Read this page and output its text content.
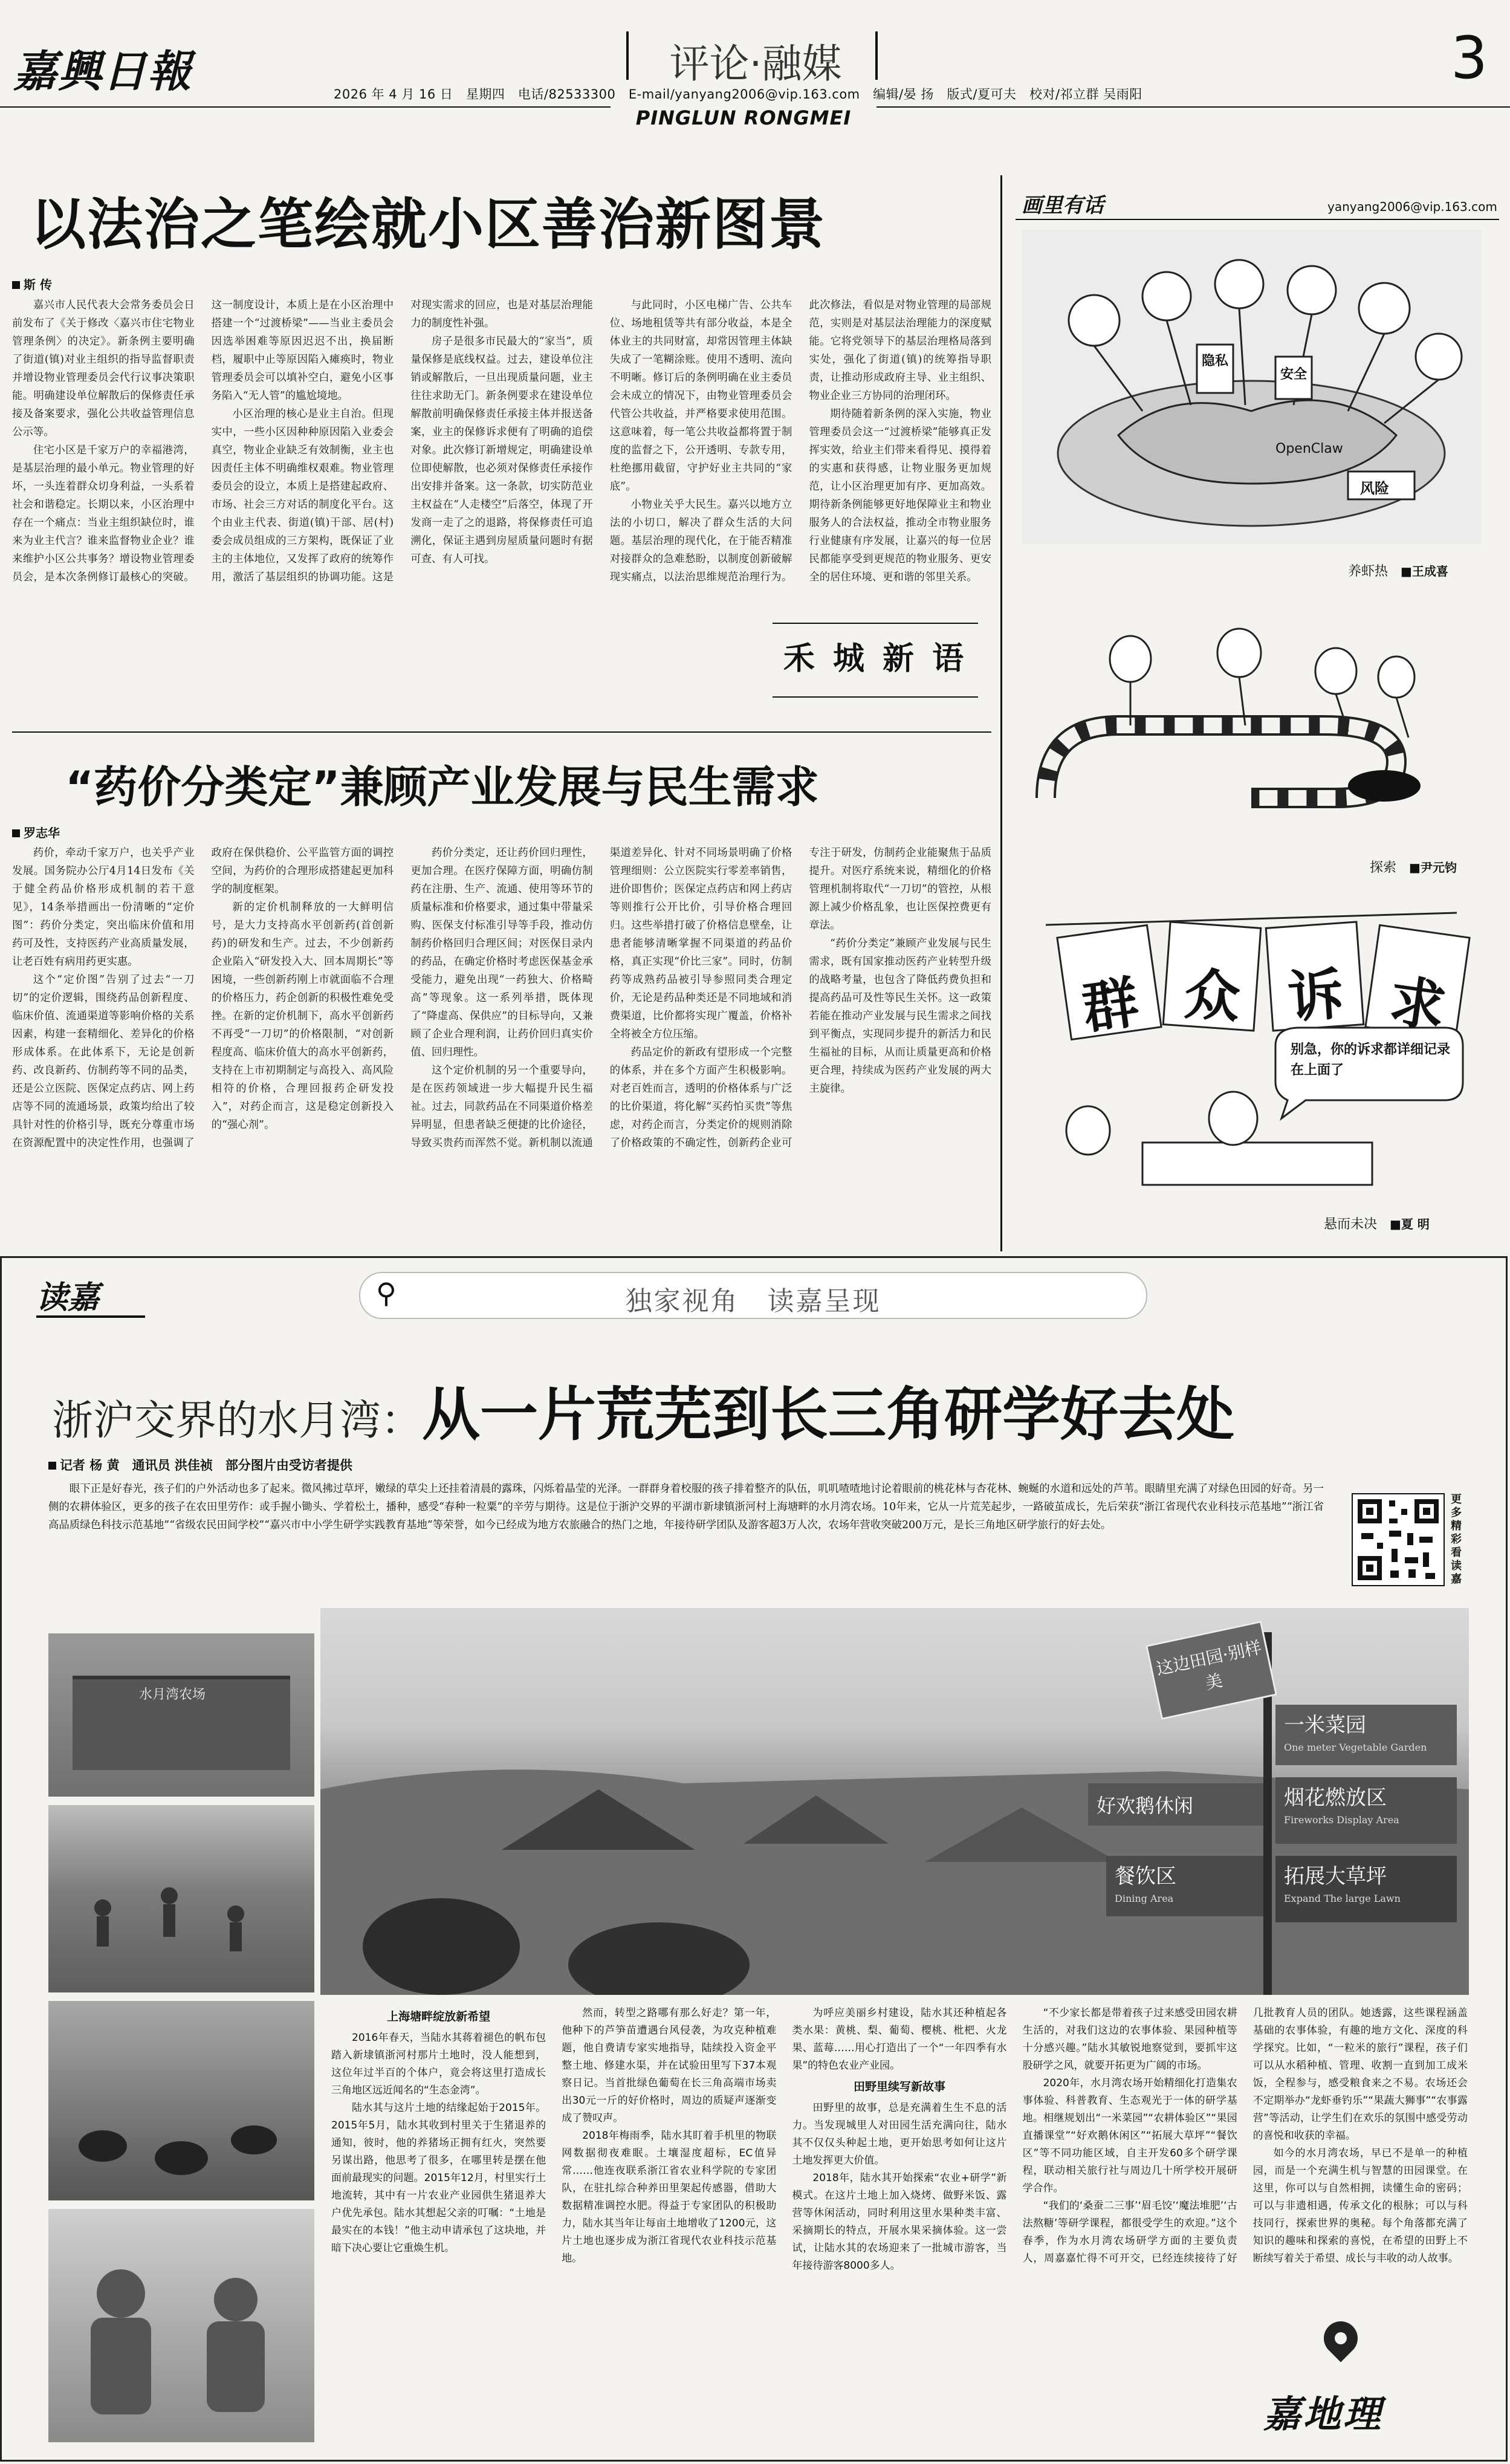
嘉興日報	评论·融媒	3
2026 年 4 月 16 日　星期四　电话/82533300　E-mail/yanyang2006@vip.163.com　编辑/晏 扬　版式/夏可夫　校对/祁立群 吴雨阳
PINGLUN RONGMEI
以法治之笔绘就小区善治新图景
斯 传

嘉兴市人民代表大会常务委员会日前发布了《关于修改〈嘉兴市住宅物业管理条例〉的决定》。新条例主要明确了街道(镇)对业主组织的指导监督职责并增设物业管理委员会代行议事决策职能。明确建设单位解散后的保修责任承接及备案要求，强化公共收益管理信息公示等。

住宅小区是千家万户的幸福港湾，是基层治理的最小单元。物业管理的好坏，一头连着群众切身利益，一头系着社会和谐稳定。长期以来，小区治理中存在一个痛点：当业主组织缺位时，谁来为业主代言？谁来监督物业企业？谁来维护小区公共事务？增设物业管理委员会，是本次条例修订最核心的突破。这一制度设计，本质上是在小区治理中搭建一个“过渡桥梁”——当业主委员会因选举困难等原因迟迟不出，换届断档，履职中止等原因陷入瘫痪时，物业管理委员会可以填补空白，避免小区事务陷入“无人管”的尴尬境地。

小区治理的核心是业主自治。但现实中，一些小区因种种原因陷入业委会真空，物业企业缺乏有效制衡，业主也因责任主体不明确维权艰难。物业管理委员会的设立，本质上是搭建起政府、市场、社会三方对话的制度化平台。这个由业主代表、街道(镇)干部、居(村)委会成员组成的三方架构，既保证了业主的主体地位，又发挥了政府的统筹作用，激活了基层组织的协调功能。这是对现实需求的回应，也是对基层治理能力的制度性补强。

房子是很多市民最大的“家当”，质量保修是底线权益。过去，建设单位注销或解散后，一旦出现质量问题，业主往往求助无门。新条例要求在建设单位解散前明确保修责任承接主体并报送备案，业主的保修诉求便有了明确的追偿对象。此次修订新增规定，明确建设单位即使解散，也必须对保修责任承接作出安排并备案。这一条款，切实防范业主权益在“人走楼空”后落空，体现了开发商一走了之的退路，将保修责任可追溯化，保证主遇到房屋质量问题时有据可查、有人可找。

与此同时，小区电梯广告、公共车位、场地租赁等共有部分收益，本是全体业主的共同财富，却常因管理主体缺失成了一笔糊涂账。使用不透明、流向不明晰。修订后的条例明确在业主委员会未成立的情况下，由物业管理委员会代管公共收益，并严格要求使用范围。这意味着，每一笔公共收益都将置于制度的监督之下，公开透明、专款专用，杜绝挪用截留，守护好业主共同的“家底”。

小物业关乎大民生。嘉兴以地方立法的小切口，解决了群众生活的大问题。基层治理的现代化，在于能否精准对接群众的急难愁盼，以制度创新破解现实痛点，以法治思维规范治理行为。此次修法，看似是对物业管理的局部规范，实则是对基层法治理能力的深度赋能。它将党领导下的基层治理格局落到实处，强化了街道(镇)的统筹指导职责，让推动形成政府主导、业主组织、物业企业三方协同的治理闭环。

期待随着新条例的深入实施，物业管理委员会这一“过渡桥梁”能够真正发挥实效，给业主们带来看得见、摸得着的实惠和获得感，让物业服务更加规范，让小区治理更加有序、更加高效。期待新条例能够更好地保障业主和物业服务人的合法权益，推动全市物业服务行业健康有序发展，让嘉兴的每一位居民都能享受到更规范的物业服务、更安全的居住环境、更和谐的邻里关系。

禾 城 新 语
“药价分类定”兼顾产业发展与民生需求
罗志华

药价，牵动千家万户，也关乎产业发展。国务院办公厅4月14日发布《关于健全药品价格形成机制的若干意见》，14条举措画出一份清晰的“定价图”：药价分类定，突出临床价值和用药可及性，支持医药产业高质量发展，让老百姓有病用药更实惠。

这个“定价图”告别了过去“一刀切”的定价逻辑，围绕药品创新程度、临床价值、流通渠道等影响价格的关系因素，构建一套精细化、差异化的价格形成体系。在此体系下，无论是创新药、改良新药、仿制药等不同的品类，还是公立医院、医保定点药店、网上药店等不同的流通场景，政策均给出了较具针对性的价格引导，既充分尊重市场在资源配置中的决定性作用，也强调了政府在保供稳价、公平监管方面的调控空间，为药价的合理形成搭建起更加科学的制度框架。

新的定价机制释放的一大鲜明信号，是大力支持高水平创新药(首创新药)的研发和生产。过去，不少创新药企业陷入“研发投入大、回本周期长”等困境，一些创新药刚上市就面临不合理的价格压力，药企创新的积极性难免受挫。在新的定价机制下，高水平创新药不再受“一刀切”的价格限制，“对创新程度高、临床价值大的高水平创新药，支持在上市初期制定与高投入、高风险相符的价格，合理回报药企研发投入”，对药企而言，这是稳定创新投入的“强心剂”。

药价分类定，还让药价回归理性，更加合理。在医疗保障方面，明确仿制药在注册、生产、流通、使用等环节的质量标准和价格要求，通过集中带量采购、医保支付标准引导等手段，推动仿制药价格回归合理区间；对医保目录内的药品，在确定价格时考虑医保基金承受能力，避免出现“一药独大、价格畸高”等现象。这一系列举措，既体现了“降虚高、保供应”的目标导向，又兼顾了企业合理利润，让药价回归真实价值、回归理性。

这个定价机制的另一个重要导向，是在医药领域进一步大幅提升民生福祉。过去，同款药品在不同渠道价格差异明显，但患者缺乏便捷的比价途径，导致买贵药而浑然不觉。新机制以流通渠道差异化、针对不同场景明确了价格管理细则：公立医院实行零差率销售，进价即售价；医保定点药店和网上药店等则推行公开比价，引导价格合理回归。这些举措打破了价格信息壁垒，让患者能够清晰掌握不同渠道的药品价格，真正实现“价比三家”。同时，仿制药等成熟药品被引导参照同类合理定价，无论是药品种类还是不同地域和消费渠道，比价都将实现广覆盖，价格补全将被全方位压缩。

药品定价的新政有望形成一个完整的体系，并在多个方面产生积极影响。对老百姓而言，透明的价格体系与广泛的比价渠道，将化解“买药怕买贵”等焦虑，对药企而言，分类定价的规则消除了价格政策的不确定性，创新药企业可专注于研发，仿制药企业能聚焦于品质提升。对医疗系统来说，精细化的价格管理机制将取代“一刀切”的管控，从根源上减少价格乱象，也让医保控费更有章法。

“药价分类定”兼顾产业发展与民生需求，既有国家推动医药产业转型升级的战略考量，也包含了降低药费负担和提高药品可及性等民生关怀。这一政策若能在推动产业发展与民生需求之间找到平衡点，实现同步提升的新活力和民生福祉的目标，从而让质量更高和价格更合理，持续成为医药产业发展的两大主旋律。

画里有话	yanyang2006@vip.163.com
OpenClaw
风险
隐私
安全
养虾热 ■王成喜
探索 ■尹元钧
群 众 诉 求
别急，你的诉求都详细记录在上面了
悬而未决 ■夏 明
读嘉	⚲	独家视角　读嘉呈现
浙沪交界的水月湾：从一片荒芜到长三角研学好去处
记者 杨 黄　通讯员 洪佳祯　部分图片由受访者提供
眼下正是好春光，孩子们的户外活动也多了起来。微风拂过草坪，嫩绿的草尖上还挂着清晨的露珠，闪烁着晶莹的光泽。一群群身着校服的孩子排着整齐的队伍，叽叽喳喳地讨论着眼前的桃花林与杏花林、蜿蜒的水道和远处的芦苇。眼睛里充满了对绿色田园的好奇。另一侧的农耕体验区，更多的孩子在农田里劳作：或手握小锄头、学着松土，播种，感受“春种一粒粟”的辛劳与期待。这是位于浙沪交界的平湖市新埭镇浙河村上海塘畔的水月湾农场。10年来，它从一片荒芜起步，一路破茧成长，先后荣获“浙江省现代农业科技示范基地”“浙江省高品质绿色科技示范基地”“省级农民田间学校”“嘉兴市中小学生研学实践教育基地”等荣誉，如今已经成为地方农旅融合的热门之地，年接待研学团队及游客超3万人次，农场年营收突破200万元，是长三角地区研学旅行的好去处。
更多精彩看读嘉
水月湾农场
这边田园·别样美
一米菜园
One meter Vegetable Garden
烟花燃放区
Fireworks Display Area
好欢鹅休闲
餐饮区
Dining Area
拓展大草坪
Expand The large Lawn

上海塘畔绽放新希望

2016年春天，当陆水其蒋着褪色的帆布包踏入新埭镇浙河村那片土地时，没人能想到，这位年过半百的个体户，竟会将这里打造成长三角地区远近闻名的“生态金湾”。

陆水其与这片土地的结缘起始于2015年。2015年5月，陆水其收到村里关于生猪退养的通知，彼时，他的养猪场正拥有红火，突然要另谋出路，他思考了很多，在哪里转是摆在他面前最现实的问题。2015年12月，村里实行土地流转，其中有一片农业产业园供生猪退养大户优先承包。陆水其想起父亲的叮嘱：“土地是最实在的本钱！”他主动申请承包了这块地，并暗下决心要让它重焕生机。

然而，转型之路哪有那么好走？第一年，他种下的芦笋苗遭遇台风侵袭，为攻克种植难题，他自费请专家实地指导，陆续投入资金平整土地、修建水渠，并在试验田里写下37本观察日记。当首批绿色葡萄在长三角高端市场卖出30元一斤的好价格时，周边的质疑声逐渐变成了赞叹声。

2018年梅雨季，陆水其盯着手机里的物联网数据彻夜难眠。土壤湿度超标，EC值异常……他连夜联系浙江省农业科学院的专家团队，在驻扎综合种养田里架起传感器，借助大数据精准调控水肥。得益于专家团队的积极助力，陆水其当年让每亩土地增收了1200元，这片土地也逐步成为浙江省现代农业科技示范基地。

为呼应美丽乡村建设，陆水其还种植起各类水果：黄桃、梨、葡萄、樱桃、枇杷、火龙果、蓝莓……用心打造出了一个“一年四季有水果”的特色农业产业园。

田野里续写新故事

田野里的故事，总是充满着生生不息的活力。当发现城里人对田园生活充满向往，陆水其不仅仅头种起土地，更开始思考如何让这片土地发挥更大价值。

2018年，陆水其开始探索“农业+研学”新模式。在这片土地上加入烧烤、做野米饭、露营等休闲活动，同时利用这里水果种类丰富、采摘期长的特点，开展水果采摘体验。这一尝试，让陆水其的农场迎来了一批城市游客，当年接待游客8000多人。

“不少家长都是带着孩子过来感受田园农耕生活的，对我们这边的农事体验、果园种植等十分感兴趣。”陆水其敏锐地察觉到，要抓牢这股研学之风，就要开拓更为广阔的市场。

2020年，水月湾农场开始精细化打造集农事体验、科普教育、生态观光于一体的研学基地。相继规划出“一米菜园”“农耕体验区”“果园直播课堂”“好欢鹅休闲区”“拓展大草坪”“餐饮区”等不同功能区域，自主开发60多个研学课程，联动相关旅行社与周边几十所学校开展研学合作。

“我们的‘桑蚕二三事’‘眉毛饺’‘魔法堆肥’‘古法熬糖’等研学课程，都很受学生的欢迎。”这个春季，作为水月湾农场研学方面的主要负责人，周嘉嘉忙得不可开交，已经连续接待了好几批教育人员的团队。她透露，这些课程涵盖基础的农事体验，有趣的地方文化、深度的科学探究。比如，“一粒米的旅行”课程，孩子们可以从水稻种植、管理、收割一直到加工成米饭，全程参与，感受粮食来之不易。农场还会不定期举办“龙虾垂钓乐”“果蔬大狮事”“农事露营”等活动，让学生们在欢乐的氛围中感受劳动的喜悦和收获的幸福。

如今的水月湾农场，早已不是单一的种植园，而是一个充满生机与智慧的田园课堂。在这里，你可以与自然相拥，读懂生命的密码；可以与非遗相遇，传承文化的根脉；可以与科技同行，探索世界的奥秘。每个角落都充满了知识的趣味和探索的喜悦，在希望的田野上不断续写着关于希望、成长与丰收的动人故事。

嘉地理
